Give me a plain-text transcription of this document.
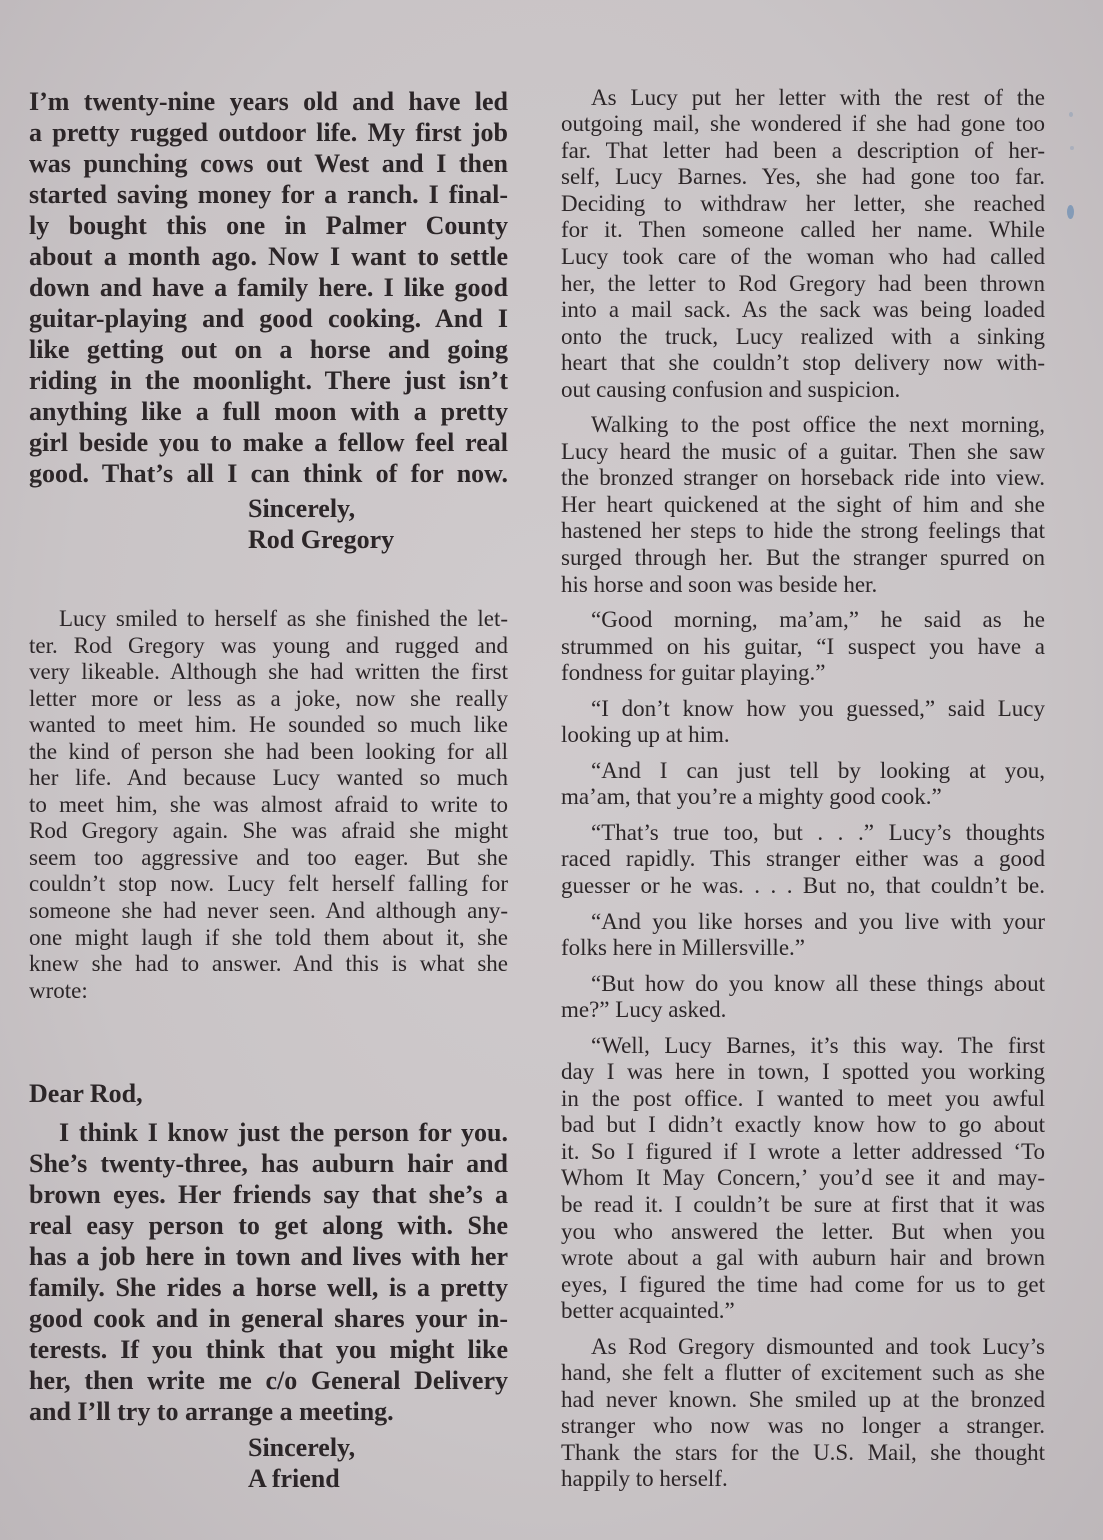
I’m twenty-nine years old and have led
a pretty rugged outdoor life. My first job
was punching cows out West and I then
started saving money for a ranch. I final-
ly bought this one in Palmer County
about a month ago. Now I want to settle
down and have a family here. I like good
guitar-playing and good cooking. And I
like getting out on a horse and going
riding in the moonlight. There just isn’t
anything like a full moon with a pretty
girl beside you to make a fellow feel real
good. That’s all I can think of for now.
Sincerely,
Rod Gregory
Lucy smiled to herself as she finished the let-
ter. Rod Gregory was young and rugged and
very likeable. Although she had written the first
letter more or less as a joke, now she really
wanted to meet him. He sounded so much like
the kind of person she had been looking for all
her life. And because Lucy wanted so much
to meet him, she was almost afraid to write to
Rod Gregory again. She was afraid she might
seem too aggressive and too eager. But she
couldn’t stop now. Lucy felt herself falling for
someone she had never seen. And although any-
one might laugh if she told them about it, she
knew she had to answer. And this is what she
wrote:
Dear Rod,
I think I know just the person for you.
She’s twenty-three, has auburn hair and
brown eyes. Her friends say that she’s a
real easy person to get along with. She
has a job here in town and lives with her
family. She rides a horse well, is a pretty
good cook and in general shares your in-
terests. If you think that you might like
her, then write me c/o General Delivery
and I’ll try to arrange a meeting.
Sincerely,
A friend
As Lucy put her letter with the rest of the
outgoing mail, she wondered if she had gone too
far. That letter had been a description of her-
self, Lucy Barnes. Yes, she had gone too far.
Deciding to withdraw her letter, she reached
for it. Then someone called her name. While
Lucy took care of the woman who had called
her, the letter to Rod Gregory had been thrown
into a mail sack. As the sack was being loaded
onto the truck, Lucy realized with a sinking
heart that she couldn’t stop delivery now with-
out causing confusion and suspicion.
Walking to the post office the next morning,
Lucy heard the music of a guitar. Then she saw
the bronzed stranger on horseback ride into view.
Her heart quickened at the sight of him and she
hastened her steps to hide the strong feelings that
surged through her. But the stranger spurred on
his horse and soon was beside her.
“Good morning, ma’am,” he said as he
strummed on his guitar, “I suspect you have a
fondness for guitar playing.”
“I don’t know how you guessed,” said Lucy
looking up at him.
“And I can just tell by looking at you,
ma’am, that you’re a mighty good cook.”
“That’s true too, but . . .” Lucy’s thoughts
raced rapidly. This stranger either was a good
guesser or he was. . . . But no, that couldn’t be.
“And you like horses and you live with your
folks here in Millersville.”
“But how do you know all these things about
me?” Lucy asked.
“Well, Lucy Barnes, it’s this way. The first
day I was here in town, I spotted you working
in the post office. I wanted to meet you awful
bad but I didn’t exactly know how to go about
it. So I figured if I wrote a letter addressed ‘To
Whom It May Concern,’ you’d see it and may-
be read it. I couldn’t be sure at first that it was
you who answered the letter. But when you
wrote about a gal with auburn hair and brown
eyes, I figured the time had come for us to get
better acquainted.”
As Rod Gregory dismounted and took Lucy’s
hand, she felt a flutter of excitement such as she
had never known. She smiled up at the bronzed
stranger who now was no longer a stranger.
Thank the stars for the U.S. Mail, she thought
happily to herself.
